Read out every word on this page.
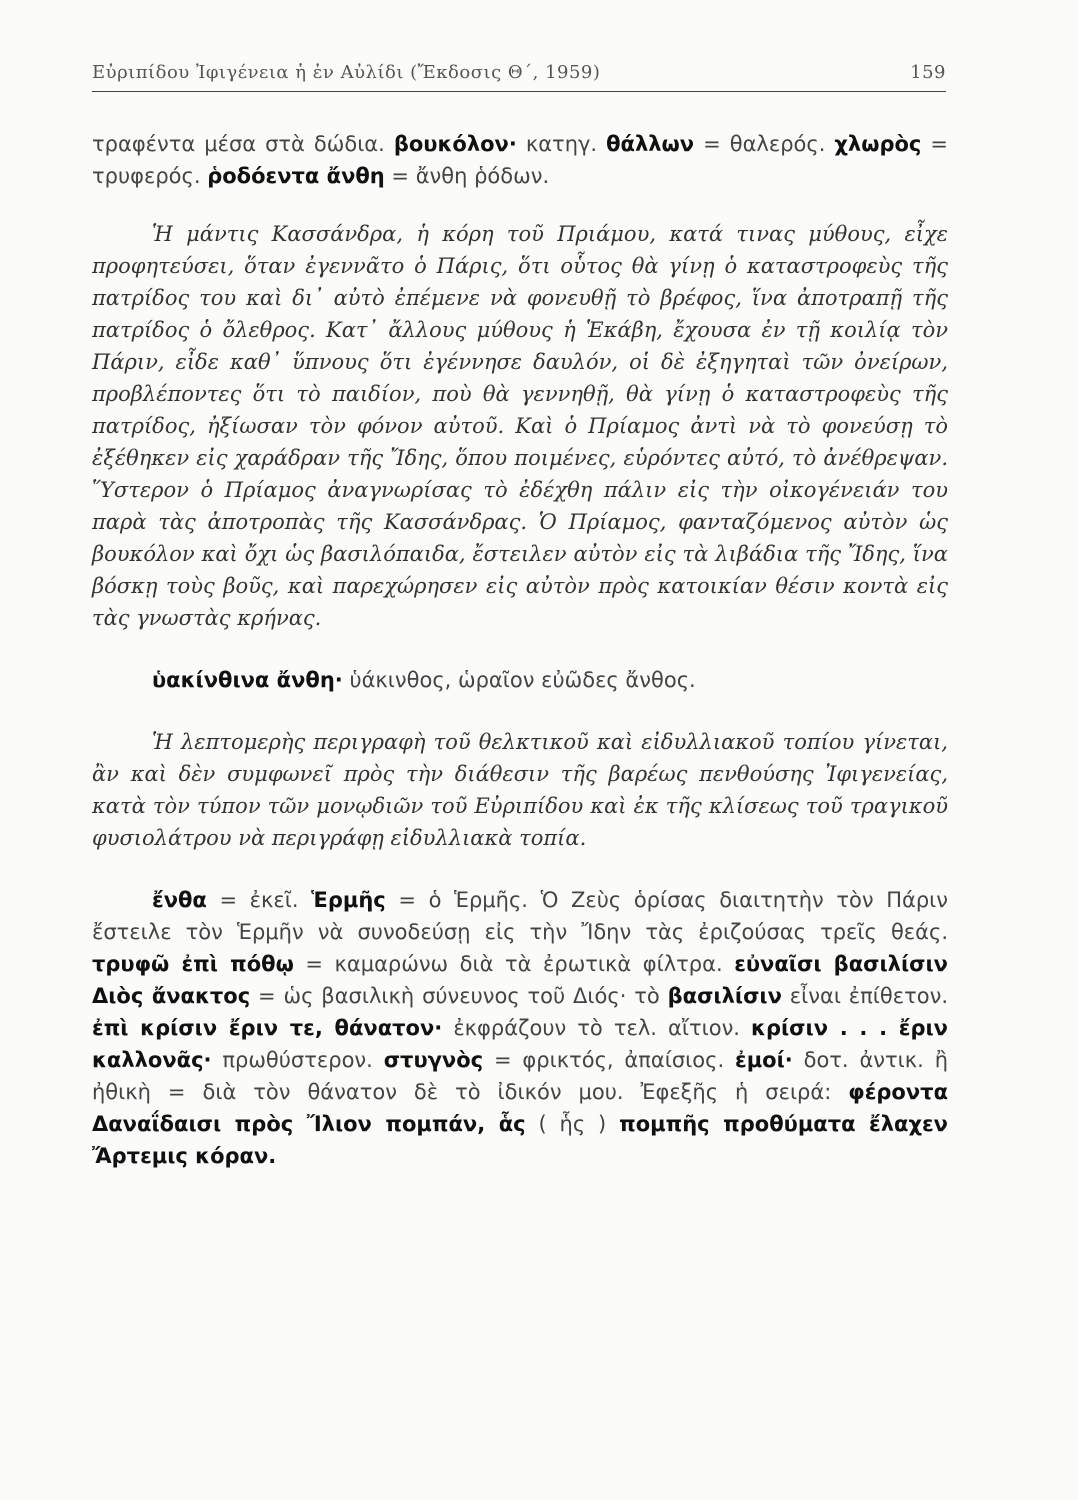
Εὐριπίδου Ἰφιγένεια ἡ ἐν Αὐλίδι (Ἔκδοσις Θ΄, 1959)	159

τραφέντα μέσα στὰ δώδια. βουκόλον· κατηγ. θάλλων = θαλερός. χλωρὸς = τρυφερός. ῥοδόεντα ἄνθη = ἄνθη ῥόδων.

Ἡ μάντις Κασσάνδρα, ἡ κόρη τοῦ Πριάμου, κατά τινας μύθους, εἶχε προφητεύσει, ὅταν ἐγεννᾶτο ὁ Πάρις, ὅτι οὗτος θὰ γίνῃ ὁ καταστροφεὺς τῆς πατρίδος του καὶ δι᾽ αὐτὸ ἐπέμενε νὰ φονευθῇ τὸ βρέφος, ἵνα ἀποτραπῇ τῆς πατρίδος ὁ ὄλεθρος. Κατ᾽ ἄλλους μύθους ἡ Ἑκάβη, ἔχουσα ἐν τῇ κοιλίᾳ τὸν Πάριν, εἶδε καθ᾽ ὕπνους ὅτι ἐγέννησε δαυλόν, οἱ δὲ ἐξηγηταὶ τῶν ὀνείρων, προβλέποντες ὅτι τὸ παιδίον, ποὺ θὰ γεννηθῇ, θὰ γίνῃ ὁ καταστροφεὺς τῆς πατρίδος, ἠξίωσαν τὸν φόνον αὐτοῦ. Καὶ ὁ Πρίαμος ἀντὶ νὰ τὸ φονεύσῃ τὸ ἐξέθηκεν εἰς χαράδραν τῆς Ἴδης, ὅπου ποιμένες, εὑρόντες αὐτό, τὸ ἀνέθρεψαν. Ὕστερον ὁ Πρίαμος ἀναγνωρίσας τὸ ἐδέχθη πάλιν εἰς τὴν οἰκογένειάν του παρὰ τὰς ἀποτροπὰς τῆς Κασσάνδρας. Ὁ Πρίαμος, φανταζόμενος αὐτὸν ὡς βουκόλον καὶ ὄχι ὡς βασιλόπαιδα, ἔστειλεν αὐτὸν εἰς τὰ λιβάδια τῆς Ἴδης, ἵνα βόσκῃ τοὺς βοῦς, καὶ παρεχώρησεν εἰς αὐτὸν πρὸς κατοικίαν θέσιν κοντὰ εἰς τὰς γνωστὰς κρήνας.

ὑακίνθινα ἄνθη· ὑάκινθος, ὡραῖον εὐῶδες ἄνθος.

Ἡ λεπτομερὴς περιγραφὴ τοῦ θελκτικοῦ καὶ εἰδυλλιακοῦ τοπίου γίνεται, ἂν καὶ δὲν συμφωνεῖ πρὸς τὴν διάθεσιν τῆς βαρέως πενθούσης Ἰφιγενείας, κατὰ τὸν τύπον τῶν μονῳδιῶν τοῦ Εὐριπίδου καὶ ἐκ τῆς κλίσεως τοῦ τραγικοῦ φυσιολάτρου νὰ περιγράφῃ εἰδυλλιακὰ τοπία.

ἔνθα = ἐκεῖ. Ἑρμῆς = ὁ Ἑρμῆς. Ὁ Ζεὺς ὁρίσας διαιτητὴν τὸν Πάριν ἔστειλε τὸν Ἑρμῆν νὰ συνοδεύσῃ εἰς τὴν Ἴδην τὰς ἐριζούσας τρεῖς θεάς. τρυφῶ ἐπὶ πόθῳ = καμαρώνω διὰ τὰ ἐρωτικὰ φίλτρα. εὐναῖσι βασιλίσιν Διὸς ἄνακτος = ὡς βασιλικὴ σύνευνος τοῦ Διός· τὸ βασιλίσιν εἶναι ἐπίθετον. ἐπὶ κρίσιν ἔριν τε, θάνατον· ἐκφράζουν τὸ τελ. αἴτιον. κρίσιν . . . ἔριν καλλονᾶς· πρωθύστερον. στυγνὸς = φρικτός, ἀπαίσιος. ἐμοί· δοτ. ἀντικ. ἢ ἠθικὴ = διὰ τὸν θάνατον δὲ τὸ ἰδικόν μου. Ἐφεξῆς ἡ σειρά: φέροντα Δαναΐδαισι πρὸς Ἴλιον πομπάν, ἇς ( ἧς ) πομπῆς προθύματα ἔλαχεν Ἄρτεμις κόραν.
